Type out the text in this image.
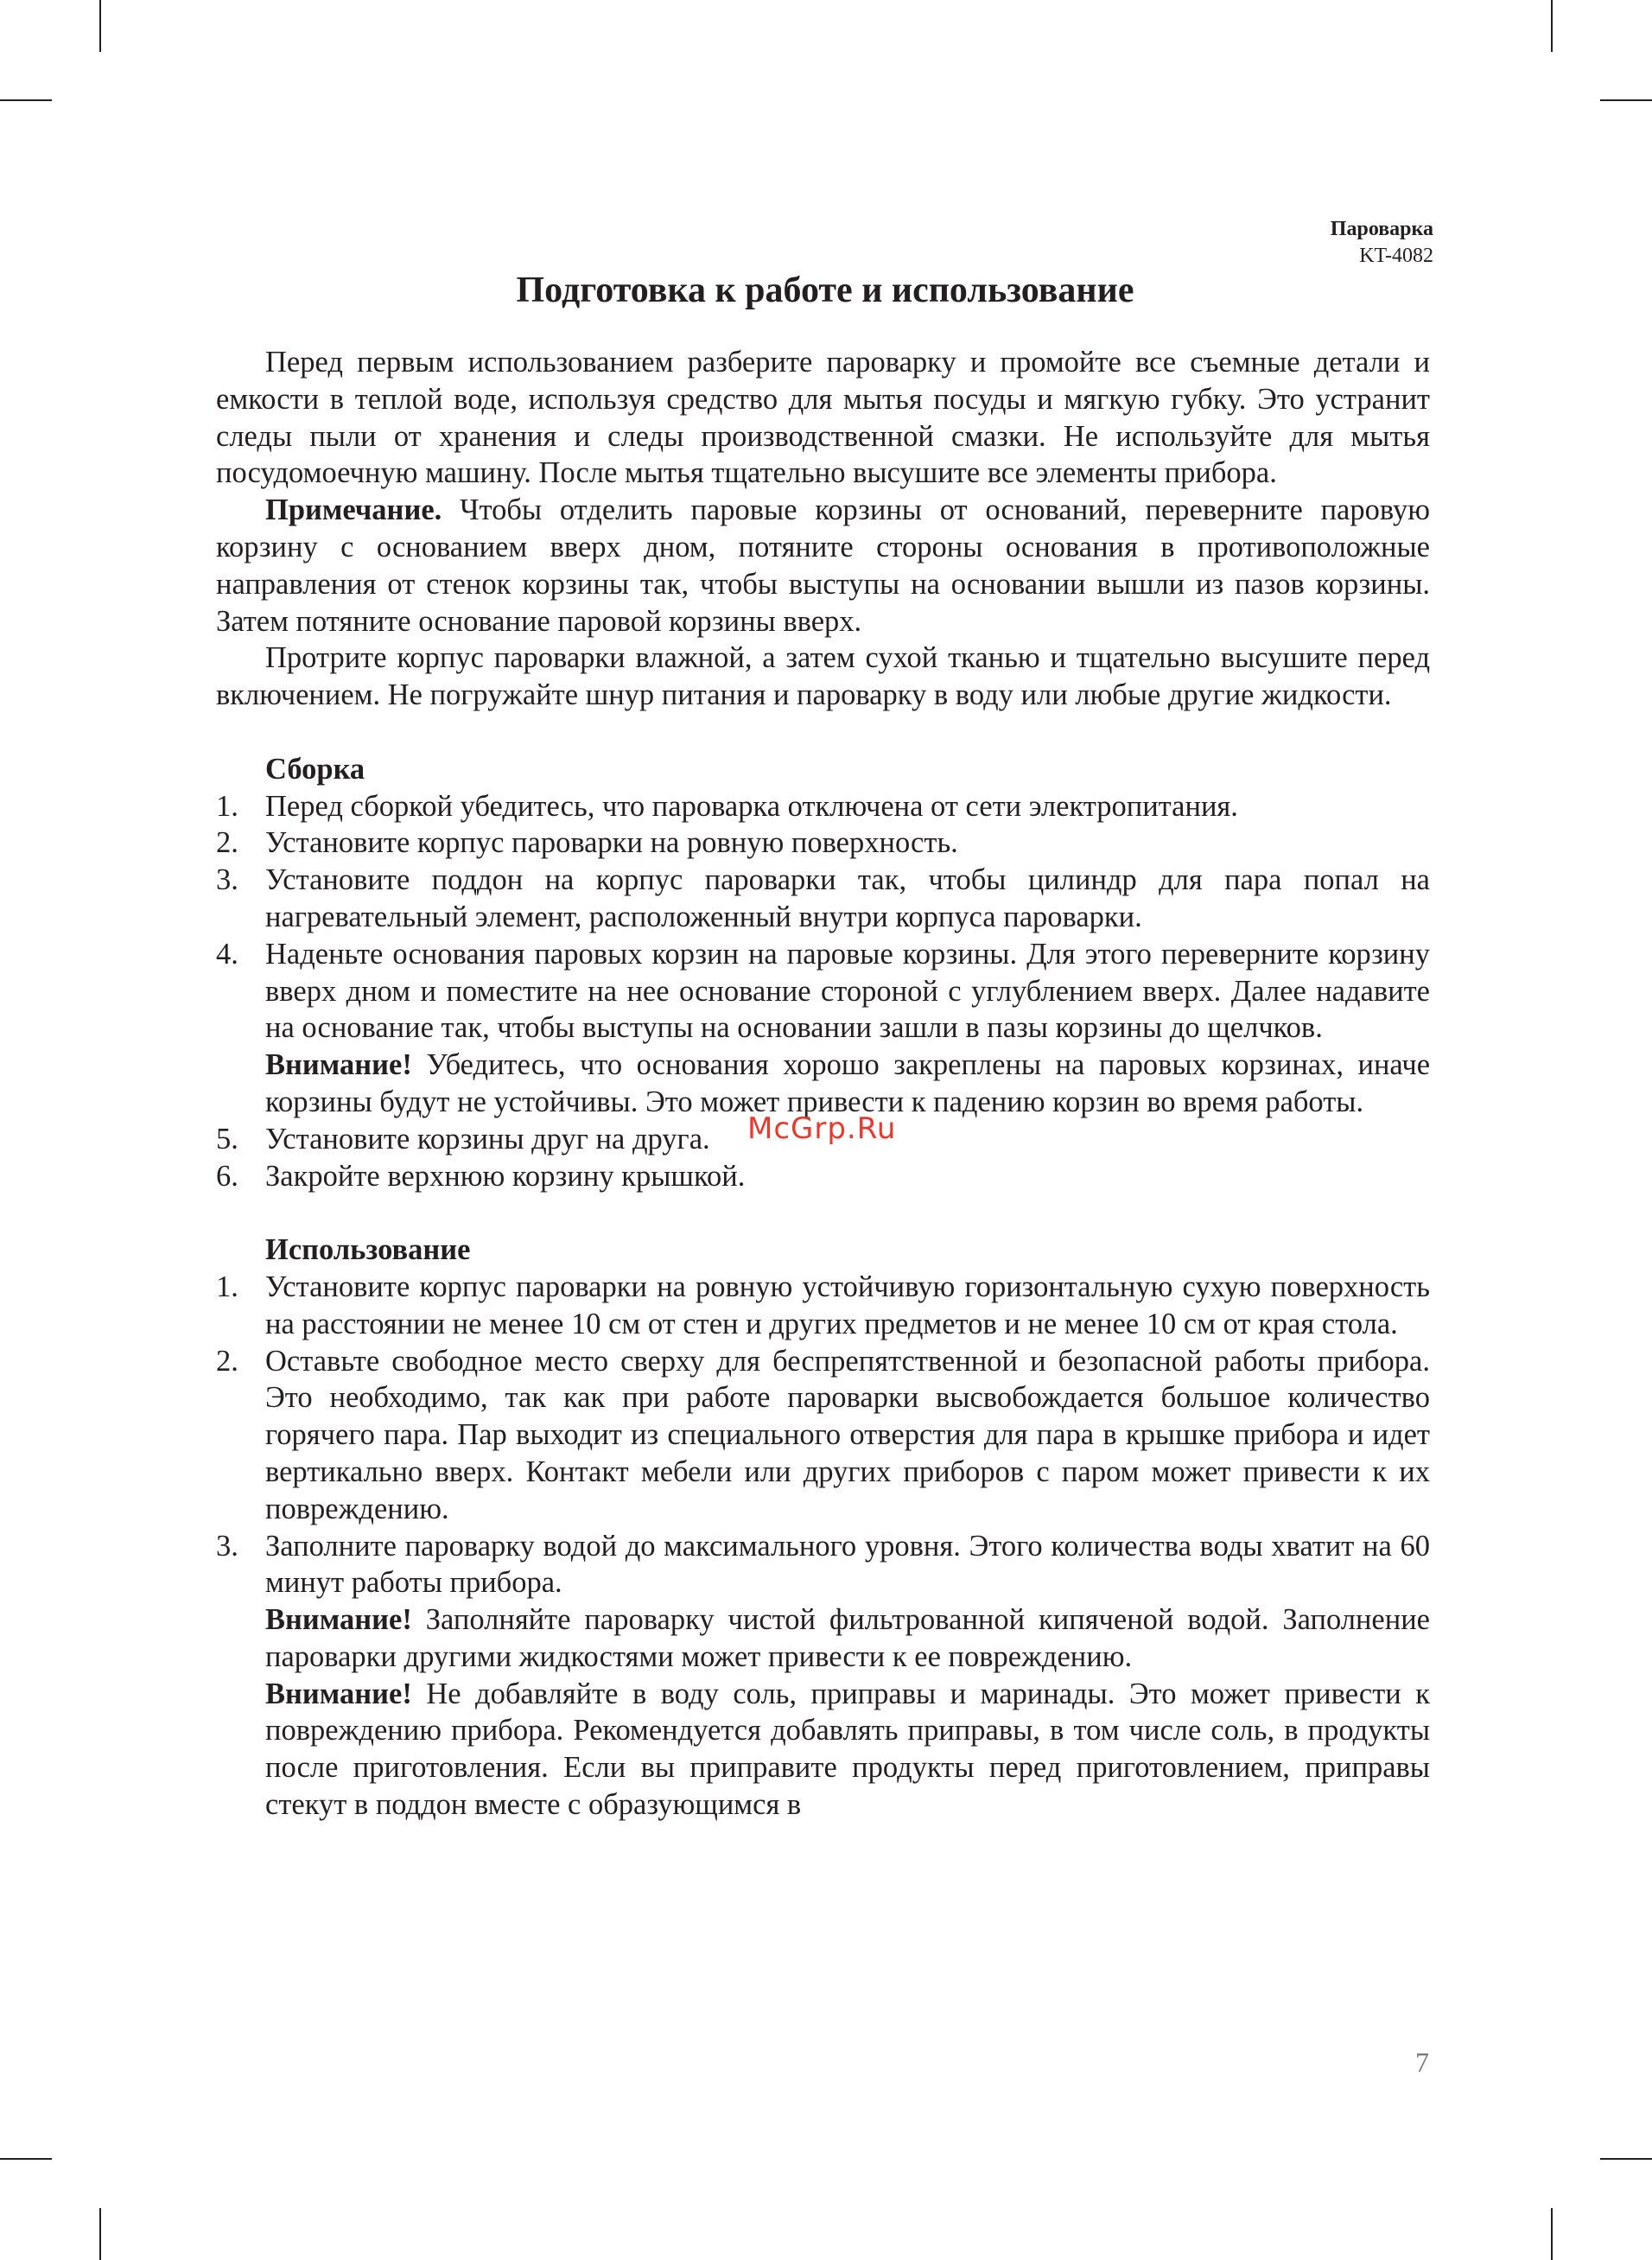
Пароварка
KT-4082
Подготовка к работе и использование

Перед первым использованием разберите пароварку и промойте все съемные детали и емкости в теплой воде, используя средство для мытья посуды и мягкую губку. Это устранит следы пыли от хранения и следы производственной смазки. Не используйте для мытья посудомоечную машину. После мытья тщательно высушите все элементы прибора.

Примечание. Чтобы отделить паровые корзины от оснований, переверните паровую корзину с основанием вверх дном, потяните стороны основания в противоположные направления от стенок корзины так, чтобы выступы на основании вышли из пазов корзины. Затем потяните основание паровой корзины вверх.

Протрите корпус пароварки влажной, а затем сухой тканью и тщательно высушите перед включением. Не погружайте шнур питания и пароварку в воду или любые другие жидкости.

Сборка
1. Перед сборкой убедитесь, что пароварка отключена от сети электропитания.
2. Установите корпус пароварки на ровную поверхность.
3. Установите поддон на корпус пароварки так, чтобы цилиндр для пара попал на нагревательный элемент, расположенный внутри корпуса пароварки.
4. Наденьте основания паровых корзин на паровые корзины. Для этого переверните корзину вверх дном и поместите на нее основание стороной с углублением вверх. Далее надавите на основание так, чтобы выступы на основании зашли в пазы корзины до щелчков.
Внимание! Убедитесь, что основания хорошо закреплены на паровых корзинах, иначе корзины будут не устойчивы. Это может привести к падению корзин во время работы.
5. Установите корзины друг на друга.
6. Закройте верхнюю корзину крышкой.
Использование
1. Установите корпус пароварки на ровную устойчивую горизонтальную сухую поверхность на расстоянии не менее 10 см от стен и других предметов и не менее 10 см от края стола.
2. Оставьте свободное место сверху для беспрепятственной и безопасной работы прибора. Это необходимо, так как при работе пароварки высвобождается большое количество горячего пара. Пар выходит из специального отверстия для пара в крышке прибора и идет вертикально вверх. Контакт мебели или других приборов с паром может привести к их повреждению.
3. Заполните пароварку водой до максимального уровня. Этого количества воды хватит на 60 минут работы прибора.
Внимание! Заполняйте пароварку чистой фильтрованной кипяченой водой. Заполнение пароварки другими жидкостями может привести к ее повреждению.
Внимание! Не добавляйте в воду соль, приправы и маринады. Это может привести к повреждению прибора. Рекомендуется добавлять приправы, в том числе соль, в продукты после приготовления. Если вы приправите продукты перед приготовлением, приправы стекут в поддон вместе с образующимся в
McGrp.Ru
7
